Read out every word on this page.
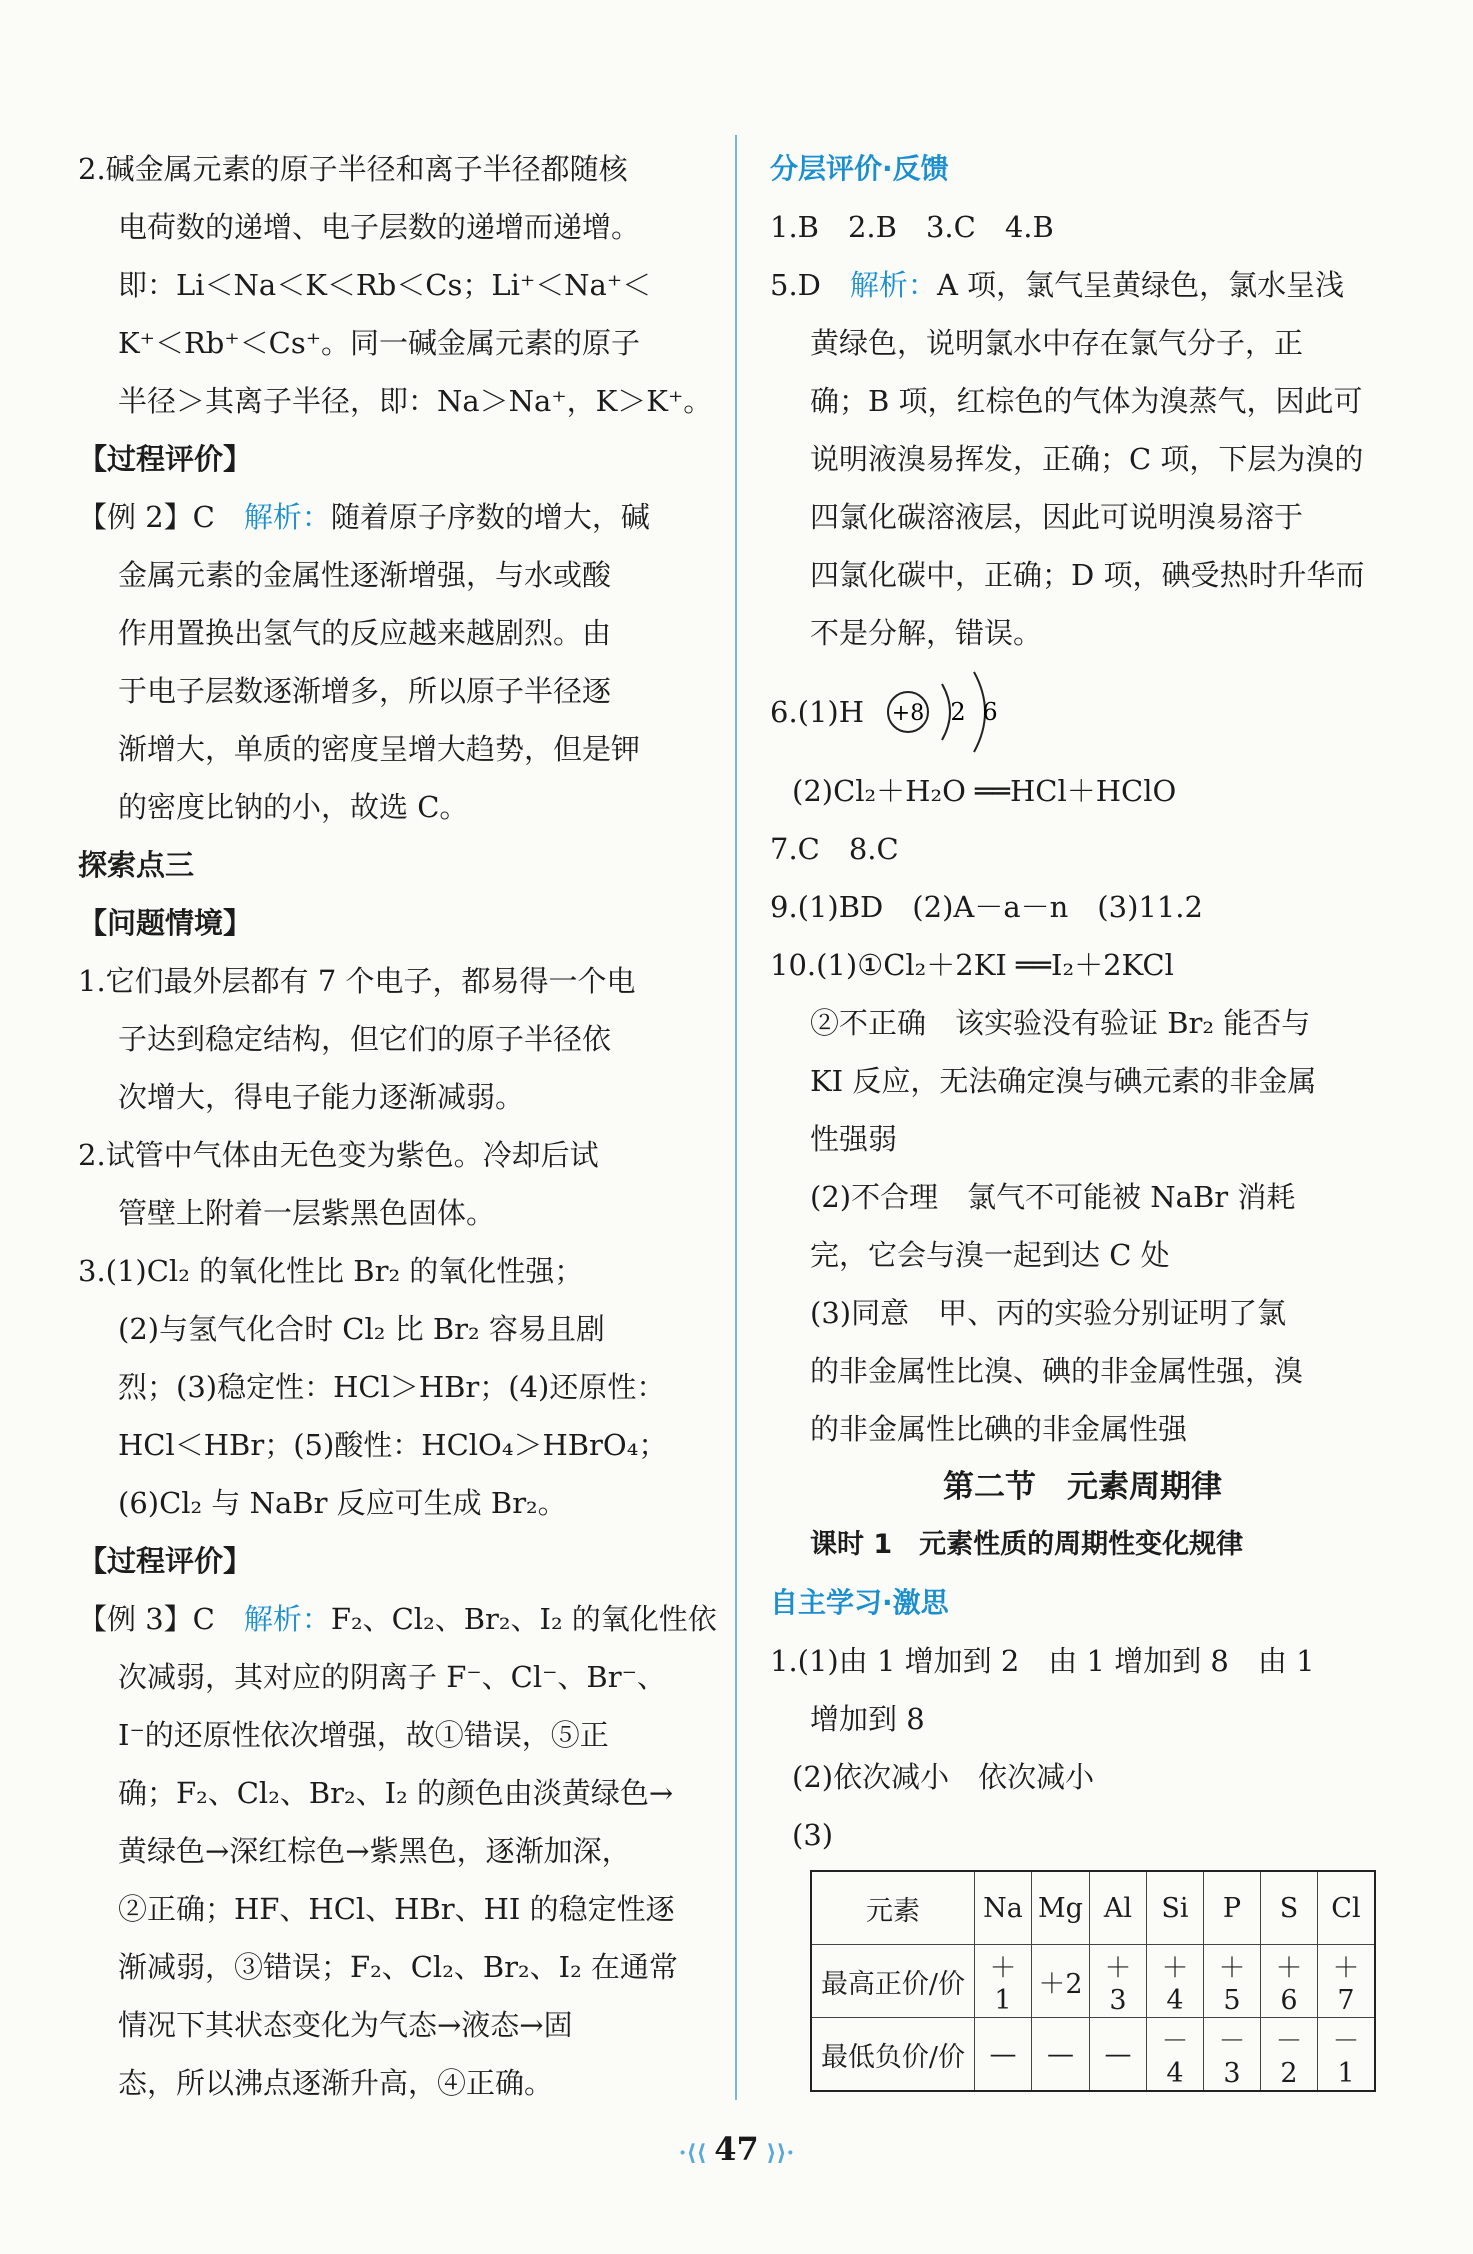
2.碱金属元素的原子半径和离子半径都随核
电荷数的递增、电子层数的递增而递增。
即：Li＜Na＜K＜Rb＜Cs；Li⁺＜Na⁺＜
K⁺＜Rb⁺＜Cs⁺。同一碱金属元素的原子
半径＞其离子半径，即：Na＞Na⁺，K＞K⁺。
【过程评价】
【例 2】C　解析：随着原子序数的增大，碱
金属元素的金属性逐渐增强，与水或酸
作用置换出氢气的反应越来越剧烈。由
于电子层数逐渐增多，所以原子半径逐
渐增大，单质的密度呈增大趋势，但是钾
的密度比钠的小，故选 C。
探索点三
【问题情境】
1.它们最外层都有 7 个电子，都易得一个电
子达到稳定结构，但它们的原子半径依
次增大，得电子能力逐渐减弱。
2.试管中气体由无色变为紫色。冷却后试
管壁上附着一层紫黑色固体。
3.(1)Cl₂ 的氧化性比 Br₂ 的氧化性强；
(2)与氢气化合时 Cl₂ 比 Br₂ 容易且剧
烈；(3)稳定性：HCl＞HBr；(4)还原性：
HCl＜HBr；(5)酸性：HClO₄＞HBrO₄；
(6)Cl₂ 与 NaBr 反应可生成 Br₂。
【过程评价】
【例 3】C　解析：F₂、Cl₂、Br₂、I₂ 的氧化性依
次减弱，其对应的阴离子 F⁻、Cl⁻、Br⁻、
I⁻的还原性依次增强，故①错误，⑤正
确；F₂、Cl₂、Br₂、I₂ 的颜色由淡黄绿色→
黄绿色→深红棕色→紫黑色，逐渐加深，
②正确；HF、HCl、HBr、HI 的稳定性逐
渐减弱，③错误；F₂、Cl₂、Br₂、I₂ 在通常
情况下其状态变化为气态→液态→固
态，所以沸点逐渐升高，④正确。
分层评价·反馈
1.B　2.B　3.C　4.B
5.D　解析：A 项，氯气呈黄绿色，氯水呈浅
黄绿色，说明氯水中存在氯气分子，正
确；B 项，红棕色的气体为溴蒸气，因此可
说明液溴易挥发，正确；C 项，下层为溴的
四氯化碳溶液层，因此可说明溴易溶于
四氯化碳中，正确；D 项，碘受热时升华而
不是分解，错误。
6.(1)H +8 2 6
(2)Cl₂＋H₂O ══HCl＋HClO
7.C　8.C
9.(1)BD　(2)A－a－n　(3)11.2
10.(1)①Cl₂＋2KI ══I₂＋2KCl
②不正确　该实验没有验证 Br₂ 能否与
KI 反应，无法确定溴与碘元素的非金属
性强弱
(2)不合理　氯气不可能被 NaBr 消耗
完，它会与溴一起到达 C 处
(3)同意　甲、丙的实验分别证明了氯
的非金属性比溴、碘的非金属性强，溴
的非金属性比碘的非金属性强
第二节　元素周期律
课时 1　元素性质的周期性变化规律
自主学习·激思
1.(1)由 1 增加到 2　由 1 增加到 8　由 1
增加到 8
(2)依次减小　依次减小
(3)
元素	Na	Mg	Al	Si	P	S	Cl
最高正价/价	＋1	＋2	＋3	＋4	＋5	＋6	＋7
最低负价/价	—	—	—	－4	－3	－2	－1
·⟨⟨ 47 ⟩⟩·
